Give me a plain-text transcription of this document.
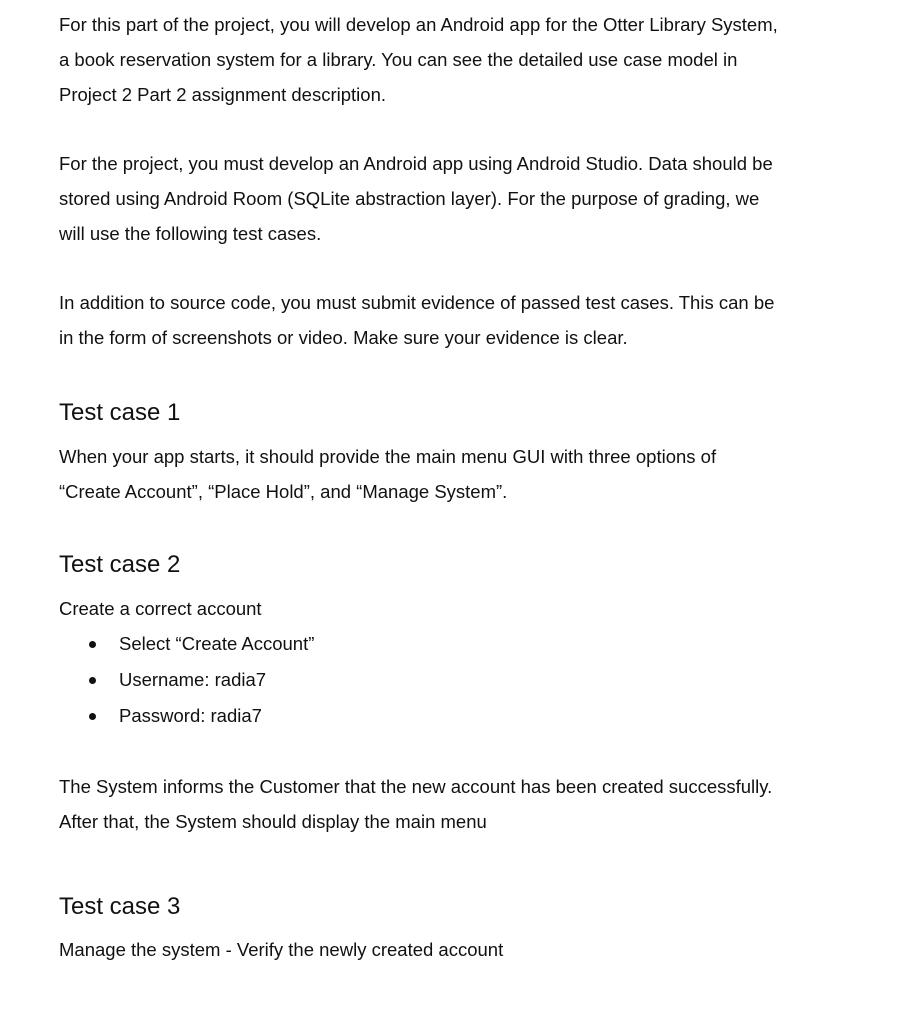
For this part of the project, you will develop an Android app for the Otter Library System,
a book reservation system for a library. You can see the detailed use case model in
Project 2 Part 2 assignment description.

For the project, you must develop an Android app using Android Studio. Data should be
stored using Android Room (SQLite abstraction layer). For the purpose of grading, we
will use the following test cases.

In addition to source code, you must submit evidence of passed test cases. This can be
in the form of screenshots or video. Make sure your evidence is clear.

Test case 1

When your app starts, it should provide the main menu GUI with three options of
“Create Account”, “Place Hold”, and “Manage System”.

Test case 2

Create a correct account

Select “Create Account”
Username: radia7
Password: radia7

The System informs the Customer that the new account has been created successfully.
After that, the System should display the main menu

Test case 3

Manage the system - Verify the newly created account
